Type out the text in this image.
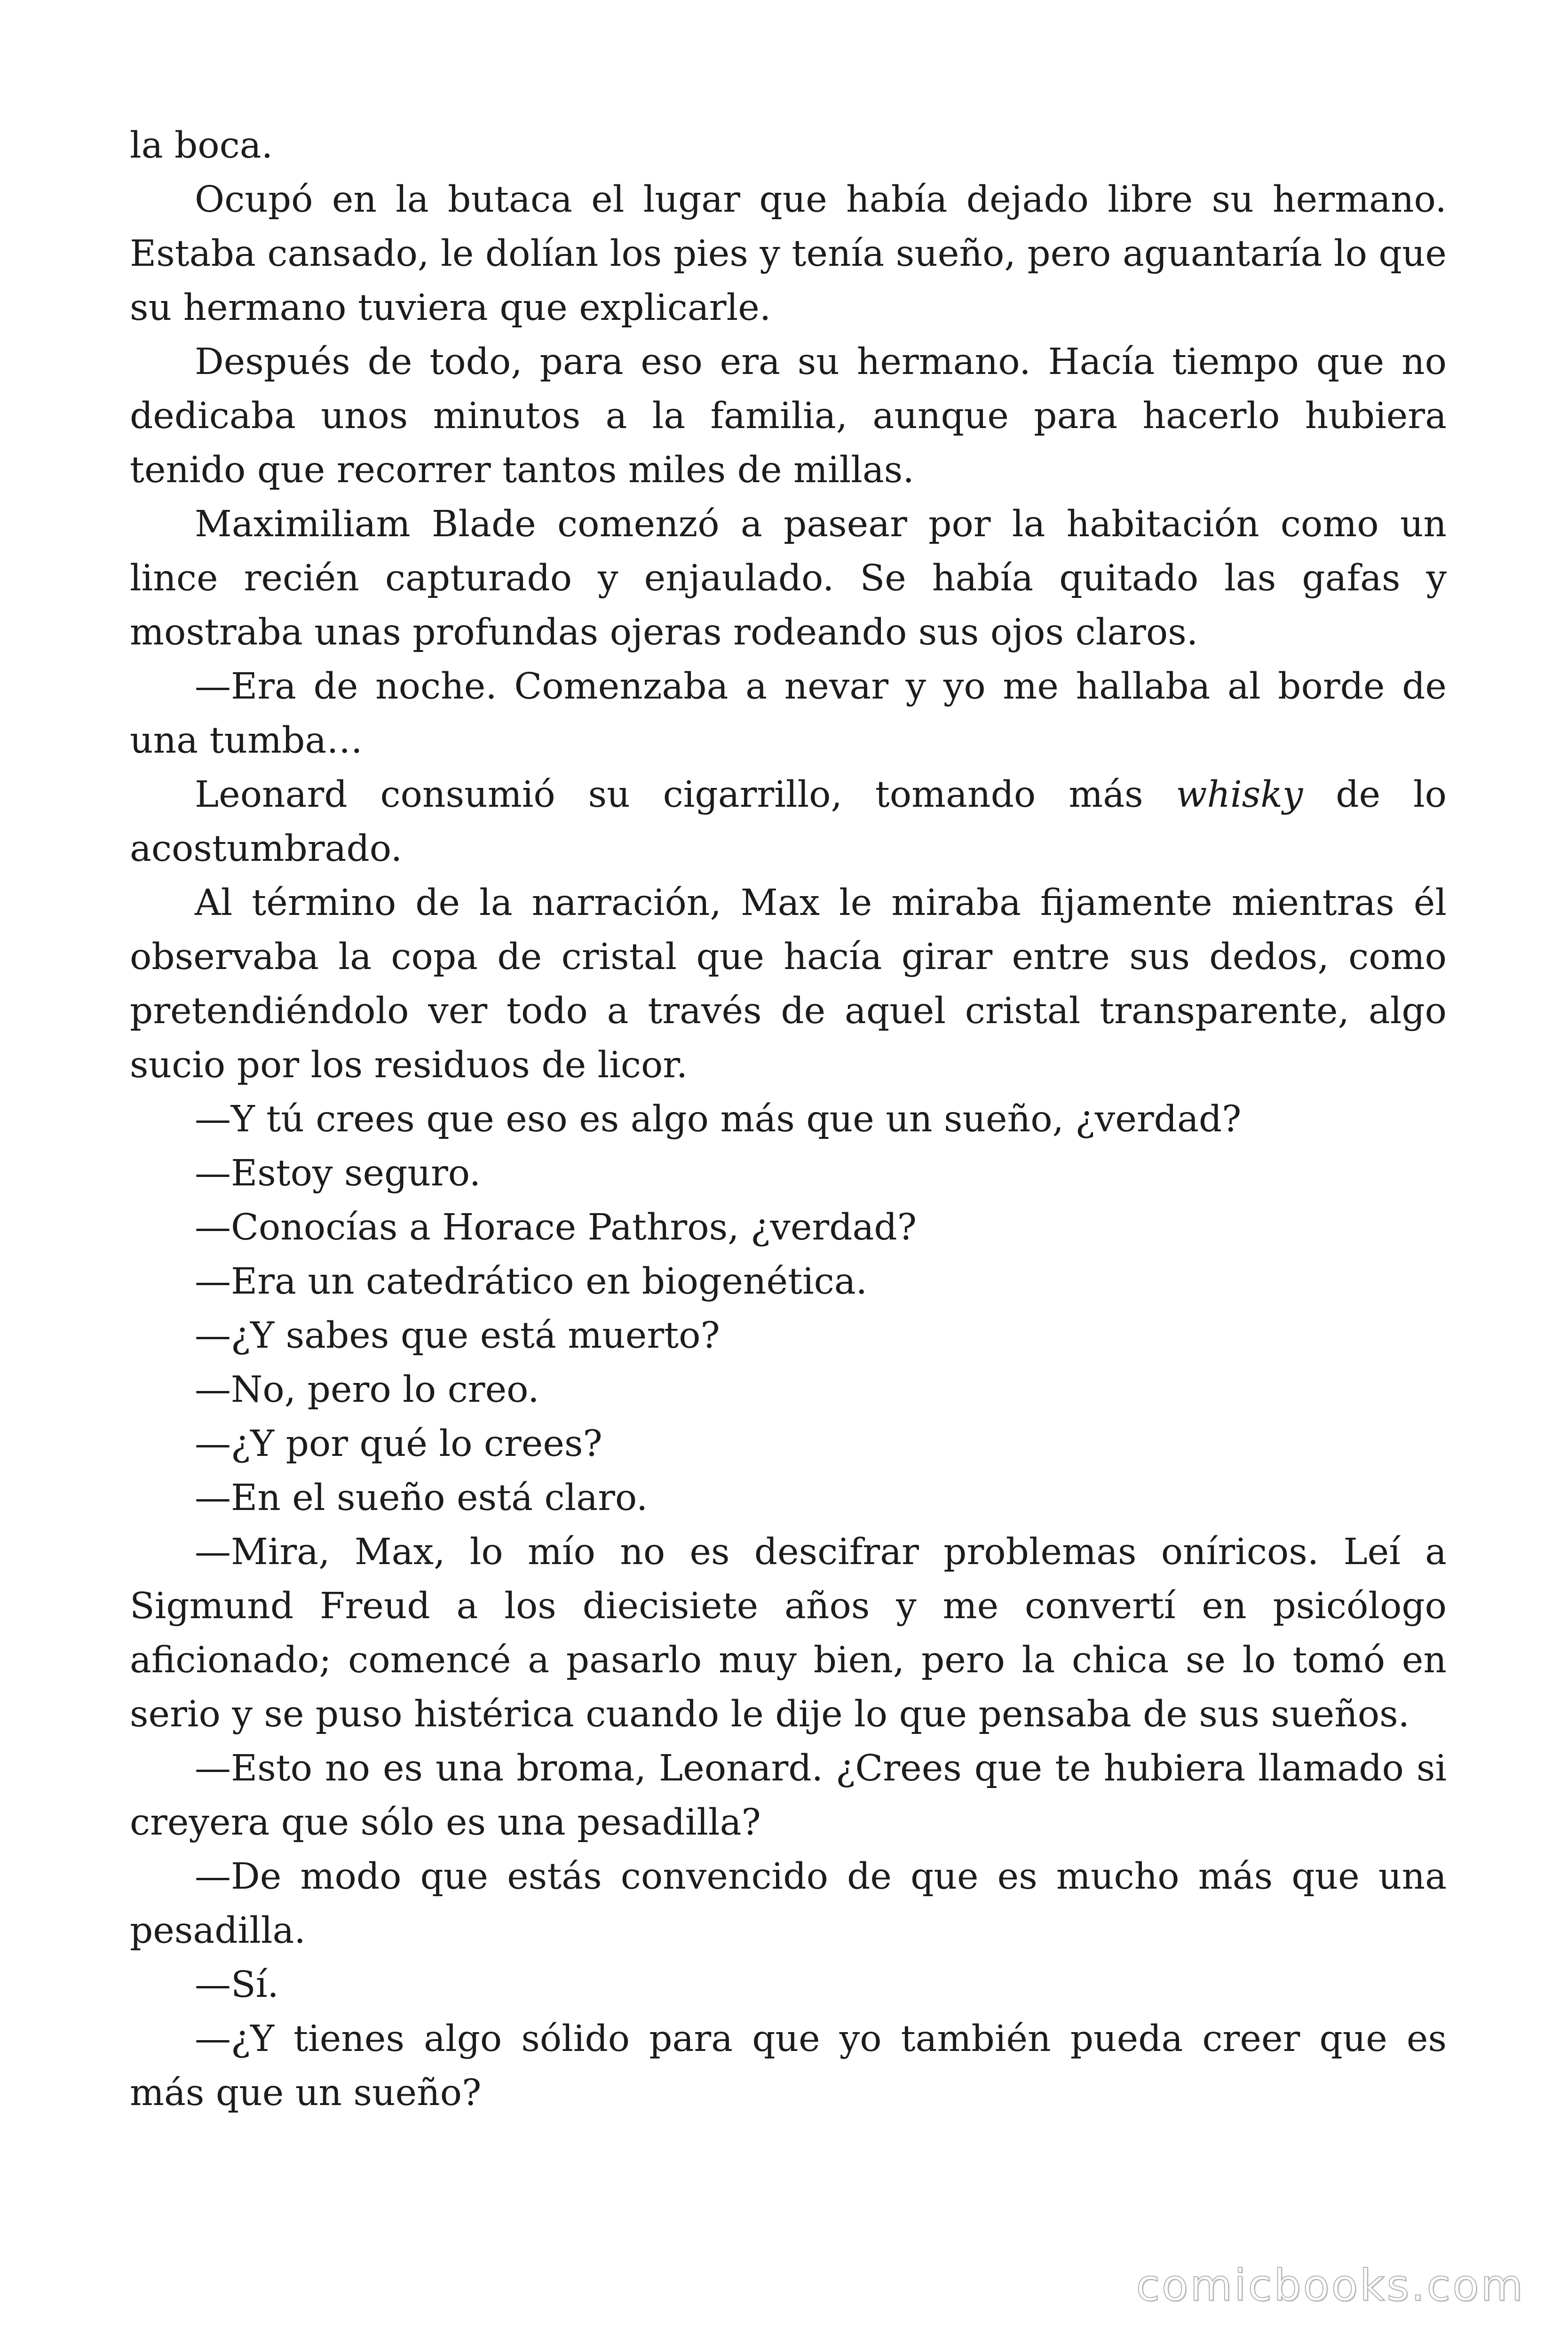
la boca.

Ocupó en la butaca el lugar que había dejado libre su hermano. Estaba cansado, le dolían los pies y tenía sueño, pero aguantaría lo que su hermano tuviera que explicarle.

Después de todo, para eso era su hermano. Hacía tiempo que no dedicaba unos minutos a la familia, aunque para hacerlo hubiera tenido que recorrer tantos miles de millas.

Maximiliam Blade comenzó a pasear por la habitación como un lince recién capturado y enjaulado. Se había quitado las gafas y mostraba unas profundas ojeras rodeando sus ojos claros.

—Era de noche. Comenzaba a nevar y yo me hallaba al borde de una tumba…

Leonard consumió su cigarrillo, tomando más whisky de lo acostumbrado.

Al término de la narración, Max le miraba fijamente mientras él observaba la copa de cristal que hacía girar entre sus dedos, como pretendiéndolo ver todo a través de aquel cristal transparente, algo sucio por los residuos de licor.

—Y tú crees que eso es algo más que un sueño, ¿verdad?

—Estoy seguro.

—Conocías a Horace Pathros, ¿verdad?

—Era un catedrático en biogenética.

—¿Y sabes que está muerto?

—No, pero lo creo.

—¿Y por qué lo crees?

—En el sueño está claro.

—Mira, Max, lo mío no es descifrar problemas oníricos. Leí a Sigmund Freud a los diecisiete años y me convertí en psicólogo aficionado; comencé a pasarlo muy bien, pero la chica se lo tomó en serio y se puso histérica cuando le dije lo que pensaba de sus sueños.

—Esto no es una broma, Leonard. ¿Crees que te hubiera llamado si creyera que sólo es una pesadilla?

—De modo que estás convencido de que es mucho más que una pesadilla.

—Sí.

—¿Y tienes algo sólido para que yo también pueda creer que es más que un sueño?

comicbooks.com
